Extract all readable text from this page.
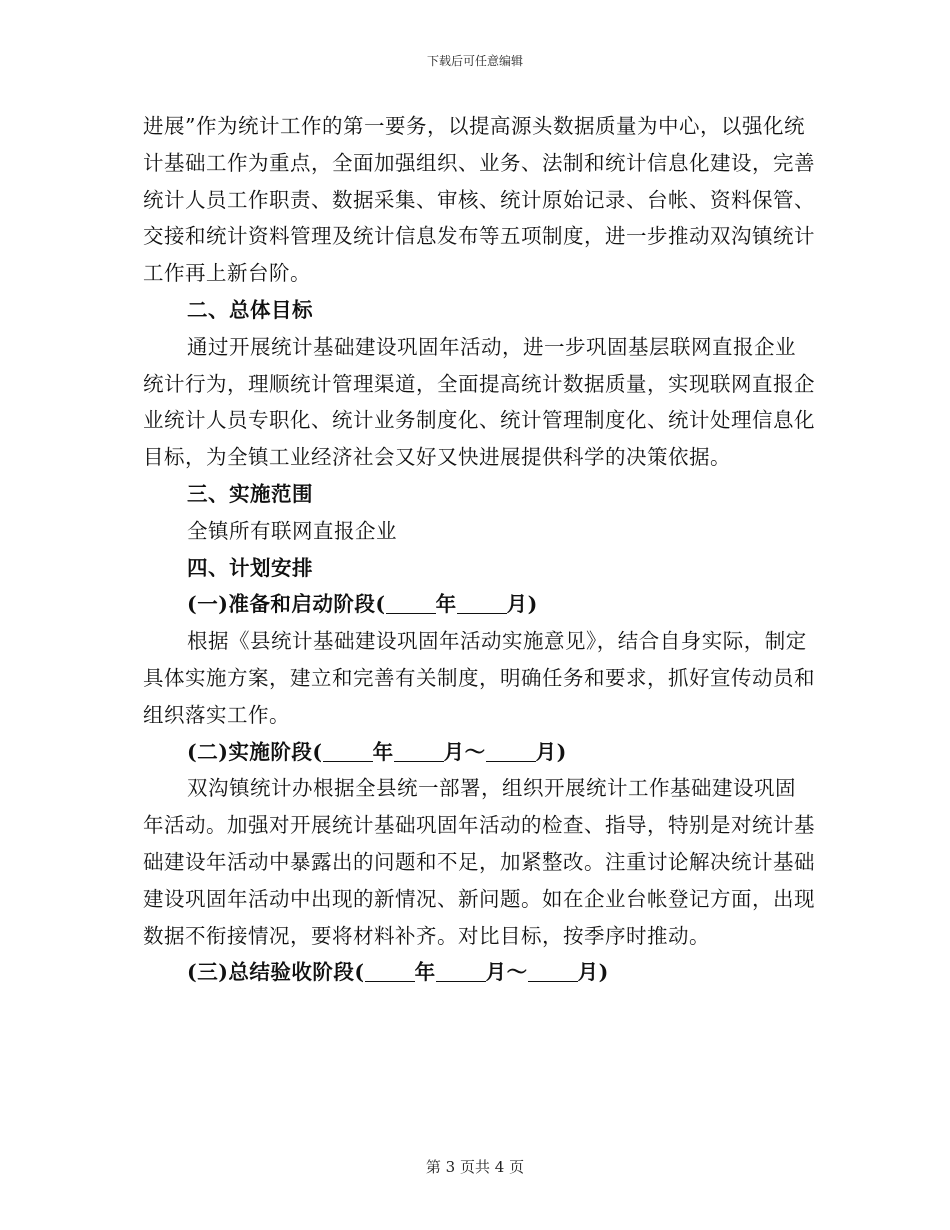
下载后可任意编辑

进展”作为统计工作的第一要务，以提高源头数据质量为中心，以强化统计基础工作为重点，全面加强组织、业务、法制和统计信息化建设，完善统计人员工作职责、数据采集、审核、统计原始记录、台帐、资料保管、交接和统计资料管理及统计信息发布等五项制度，进一步推动双沟镇统计工作再上新台阶。

二、总体目标

通过开展统计基础建设巩固年活动，进一步巩固基层联网直报企业统计行为，理顺统计管理渠道，全面提高统计数据质量，实现联网直报企业统计人员专职化、统计业务制度化、统计管理制度化、统计处理信息化目标，为全镇工业经济社会又好又快进展提供科学的决策依据。

三、实施范围

全镇所有联网直报企业

四、计划安排

(一)准备和启动阶段( 年 月)

根据《县统计基础建设巩固年活动实施意见》，结合自身实际，制定具体实施方案，建立和完善有关制度，明确任务和要求，抓好宣传动员和组织落实工作。

(二)实施阶段( 年 月～ 月)

双沟镇统计办根据全县统一部署，组织开展统计工作基础建设巩固年活动。加强对开展统计基础巩固年活动的检查、指导，特别是对统计基础建设年活动中暴露出的问题和不足，加紧整改。注重讨论解决统计基础建设巩固年活动中出现的新情况、新问题。如在企业台帐登记方面，出现数据不衔接情况，要将材料补齐。对比目标，按季序时推动。

(三)总结验收阶段( 年 月～ 月)

第 3 页共 4 页
